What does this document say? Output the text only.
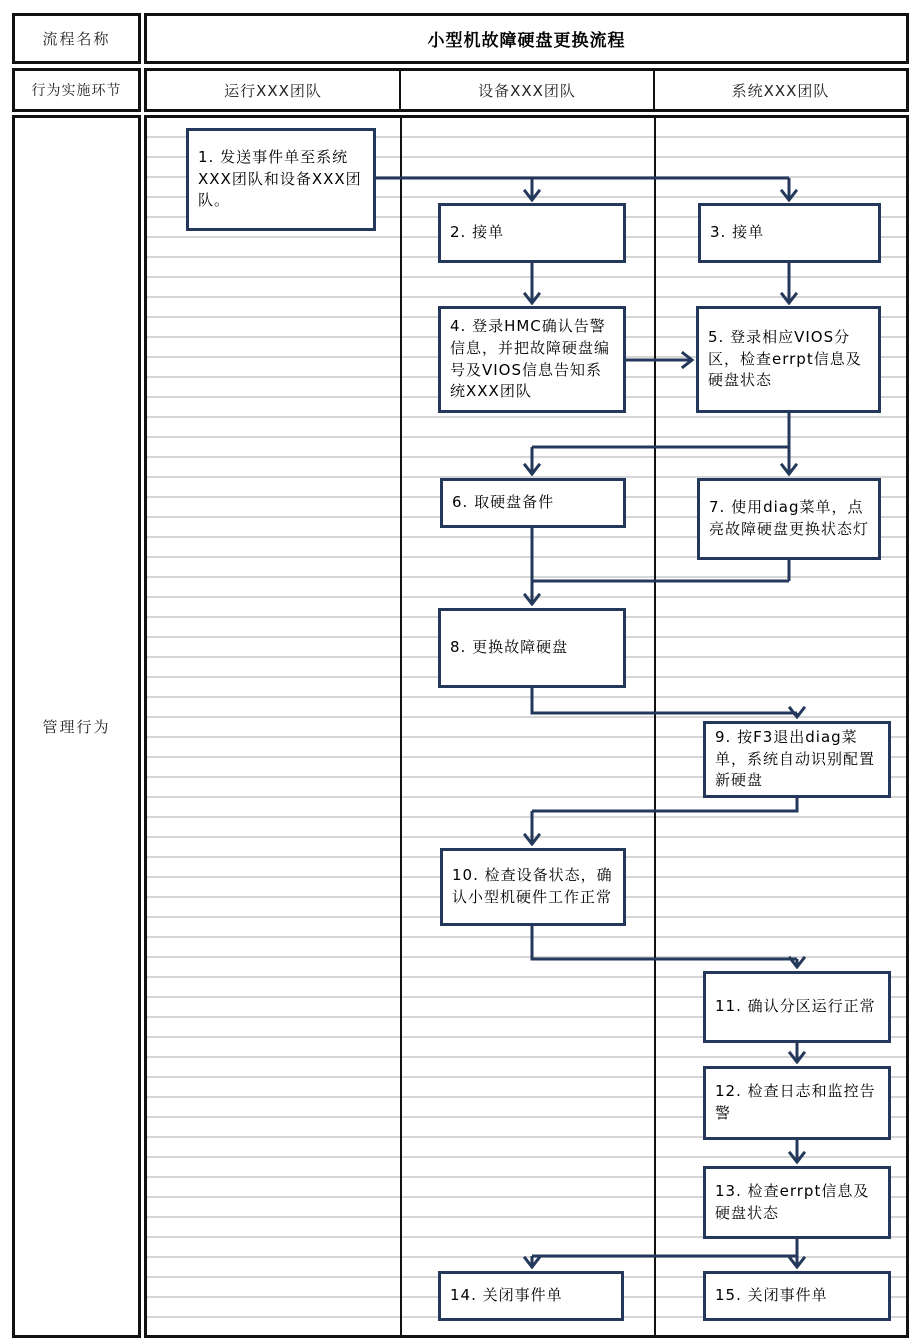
流程名称	小型机故障硬盘更换流程
行为实施环节	运行XXX团队	设备XXX团队	系统XXX团队
管理行为
1. 发送事件单至系统XXX团队和设备XXX团队。
2. 接单	3. 接单
4. 登录HMC确认告警信息，并把故障硬盘编号及VIOS信息告知系统XXX团队
5. 登录相应VIOS分区，检查errpt信息及硬盘状态
6. 取硬盘备件	7. 使用diag菜单，点亮故障硬盘更换状态灯
8. 更换故障硬盘
9. 按F3退出diag菜单，系统自动识别配置新硬盘
10. 检查设备状态，确认小型机硬件工作正常
11. 确认分区运行正常
12. 检查日志和监控告警
13. 检查errpt信息及硬盘状态
14. 关闭事件单	15. 关闭事件单
